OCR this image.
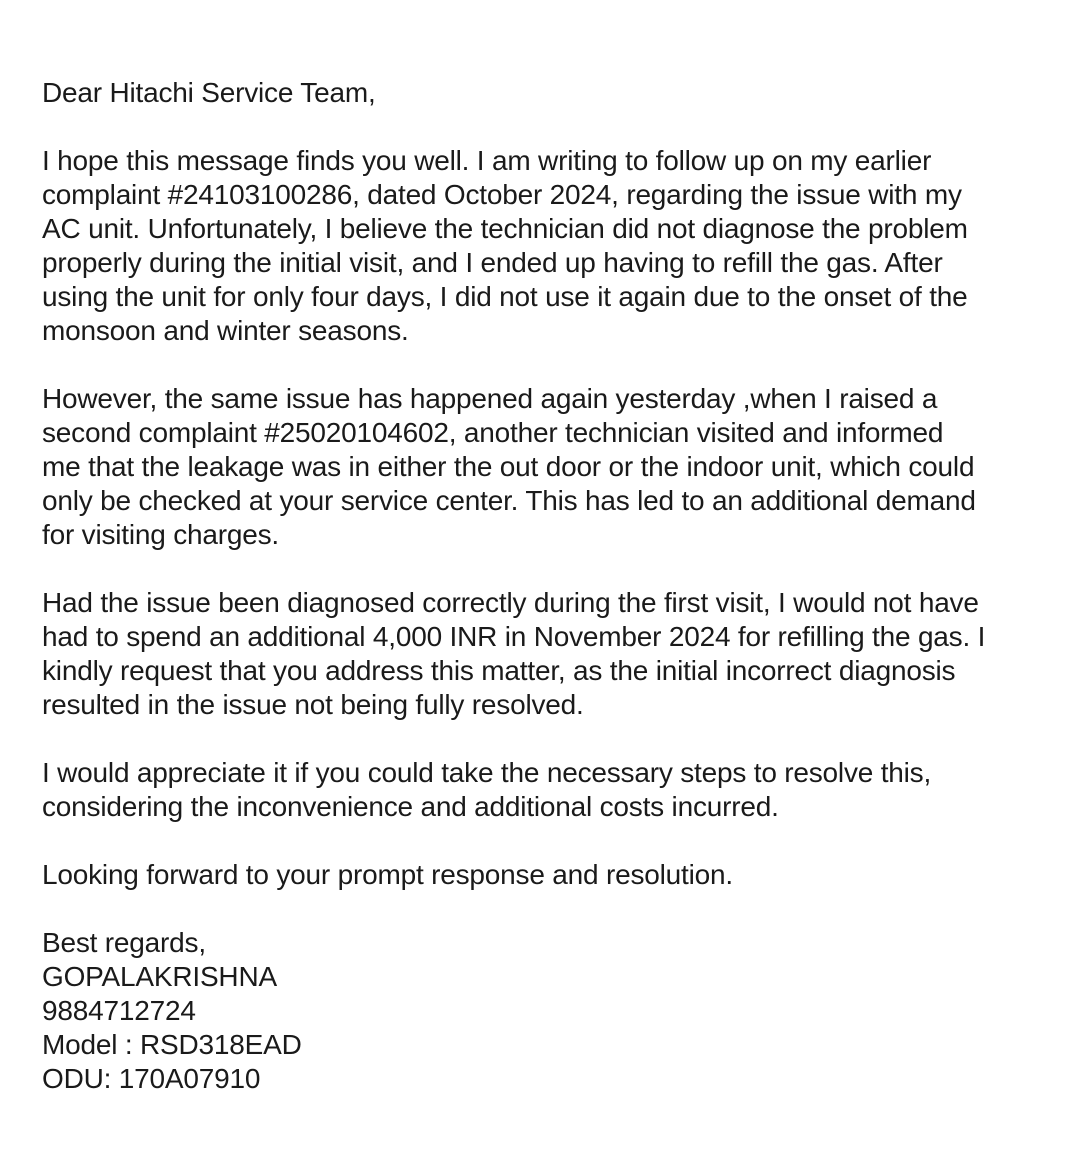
Dear Hitachi Service Team,
I hope this message finds you well. I am writing to follow up on my earlier
complaint #24103100286, dated October 2024, regarding the issue with my
AC unit. Unfortunately, I believe the technician did not diagnose the problem
properly during the initial visit, and I ended up having to refill the gas. After
using the unit for only four days, I did not use it again due to the onset of the
monsoon and winter seasons.
However, the same issue has happened again yesterday ,when I raised a
second complaint #25020104602, another technician visited and informed
me that the leakage was in either the out door or the indoor unit, which could
only be checked at your service center. This has led to an additional demand
for visiting charges.
Had the issue been diagnosed correctly during the first visit, I would not have
had to spend an additional 4,000 INR in November 2024 for refilling the gas. I
kindly request that you address this matter, as the initial incorrect diagnosis
resulted in the issue not being fully resolved.
I would appreciate it if you could take the necessary steps to resolve this,
considering the inconvenience and additional costs incurred.
Looking forward to your prompt response and resolution.
Best regards,
GOPALAKRISHNA
9884712724
Model : RSD318EAD
ODU: 170A07910
